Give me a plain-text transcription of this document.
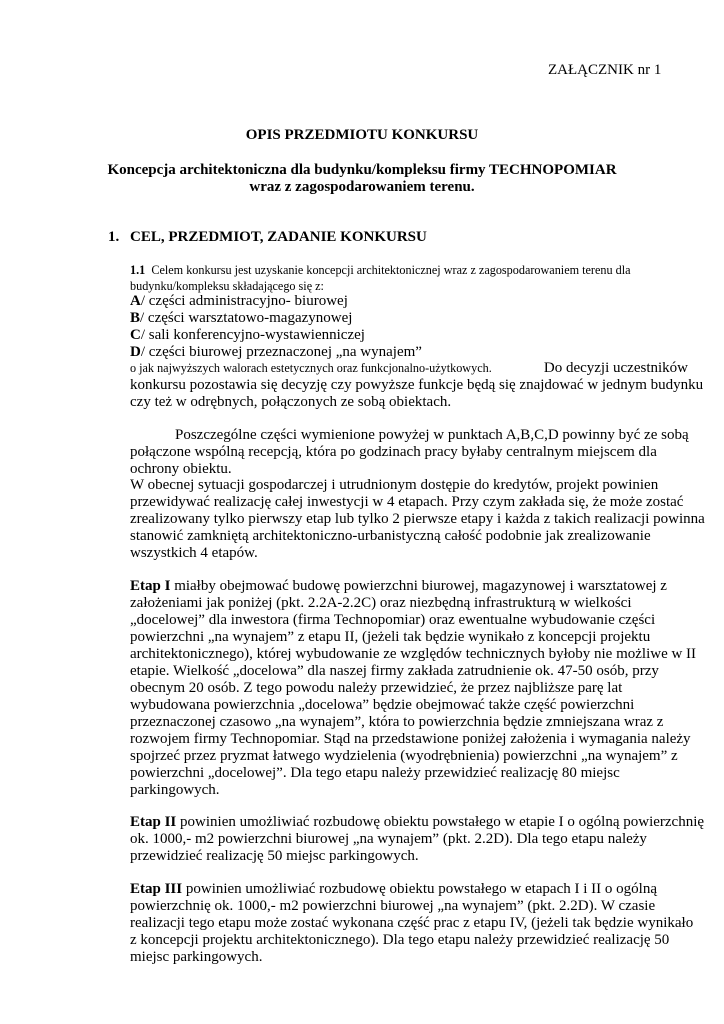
ZAŁĄCZNIK nr 1
OPIS PRZEDMIOTU KONKURSU
Koncepcja architektoniczna dla budynku/kompleksu firmy TECHNOPOMIAR
wraz z zagospodarowaniem terenu.
1. CEL, PRZEDMIOT, ZADANIE KONKURSU
1.1 Celem konkursu jest uzyskanie koncepcji architektonicznej wraz z zagospodarowaniem terenu dla
budynku/kompleksu składającego się z:
A/ części administracyjno- biurowej
B/ części warsztatowo-magazynowej
C/ sali konferencyjno-wystawienniczej
D/ części biurowej przeznaczonej „na wynajem”
o jak najwyższych walorach estetycznych oraz funkcjonalno-użytkowych.	Do decyzji uczestników
konkursu pozostawia się decyzję czy powyższe funkcje będą się znajdować w jednym budynku
czy też w odrębnych, połączonych ze sobą obiektach.
Poszczególne części wymienione powyżej w punktach A,B,C,D powinny być ze sobą
połączone wspólną recepcją, która po godzinach pracy byłaby centralnym miejscem dla
ochrony obiektu.
W obecnej sytuacji gospodarczej i utrudnionym dostępie do kredytów, projekt powinien
przewidywać realizację całej inwestycji w 4 etapach. Przy czym zakłada się, że może zostać
zrealizowany tylko pierwszy etap lub tylko 2 pierwsze etapy i każda z takich realizacji powinna
stanowić zamkniętą architektoniczno-urbanistyczną całość podobnie jak zrealizowanie
wszystkich 4 etapów.
Etap I miałby obejmować budowę powierzchni biurowej, magazynowej i warsztatowej z
założeniami jak poniżej (pkt. 2.2A-2.2C) oraz niezbędną infrastrukturą w wielkości
„docelowej” dla inwestora (firma Technopomiar) oraz ewentualne wybudowanie części
powierzchni „na wynajem” z etapu II, (jeżeli tak będzie wynikało z koncepcji projektu
architektonicznego), której wybudowanie ze względów technicznych byłoby nie możliwe w II
etapie. Wielkość „docelowa” dla naszej firmy zakłada zatrudnienie ok. 47-50 osób, przy
obecnym 20 osób. Z tego powodu należy przewidzieć, że przez najbliższe parę lat
wybudowana powierzchnia „docelowa” będzie obejmować także część powierzchni
przeznaczonej czasowo „na wynajem”, która to powierzchnia będzie zmniejszana wraz z
rozwojem firmy Technopomiar. Stąd na przedstawione poniżej założenia i wymagania należy
spojrzeć przez pryzmat łatwego wydzielenia (wyodrębnienia) powierzchni „na wynajem” z
powierzchni „docelowej”. Dla tego etapu należy przewidzieć realizację 80 miejsc
parkingowych.
Etap II powinien umożliwiać rozbudowę obiektu powstałego w etapie I o ogólną powierzchnię
ok. 1000,- m2 powierzchni biurowej „na wynajem” (pkt. 2.2D). Dla tego etapu należy
przewidzieć realizację 50 miejsc parkingowych.
Etap III powinien umożliwiać rozbudowę obiektu powstałego w etapach I i II o ogólną
powierzchnię ok. 1000,- m2 powierzchni biurowej „na wynajem” (pkt. 2.2D). W czasie
realizacji tego etapu może zostać wykonana część prac z etapu IV, (jeżeli tak będzie wynikało
z koncepcji projektu architektonicznego). Dla tego etapu należy przewidzieć realizację 50
miejsc parkingowych.
